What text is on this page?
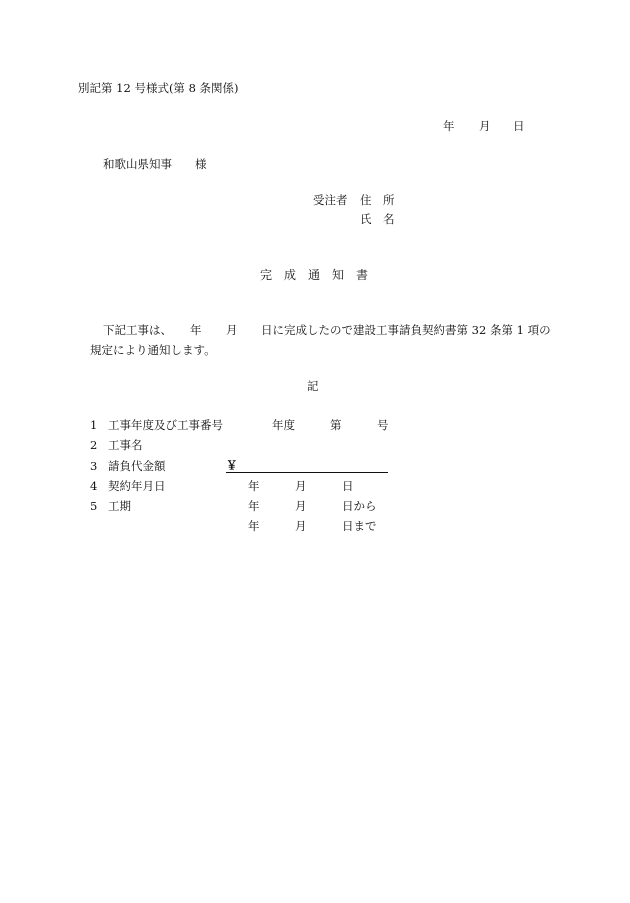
別記第 12 号様式(第 8 条関係)
年 月 日
和歌山県知事　　様
受注者 住　所
氏　名
完　成　通　知　書
下記工事は、 年 月 日に完成したので建設工事請負契約書第 32 条第 1 項の
規定により通知します。
記
1 工事年度及び工事番号	年度	第	号
2 工事名
3 請負代金額	￥
4 契約年月日	年	月	日
5 工期	年	月	日から
年	月	日まで
